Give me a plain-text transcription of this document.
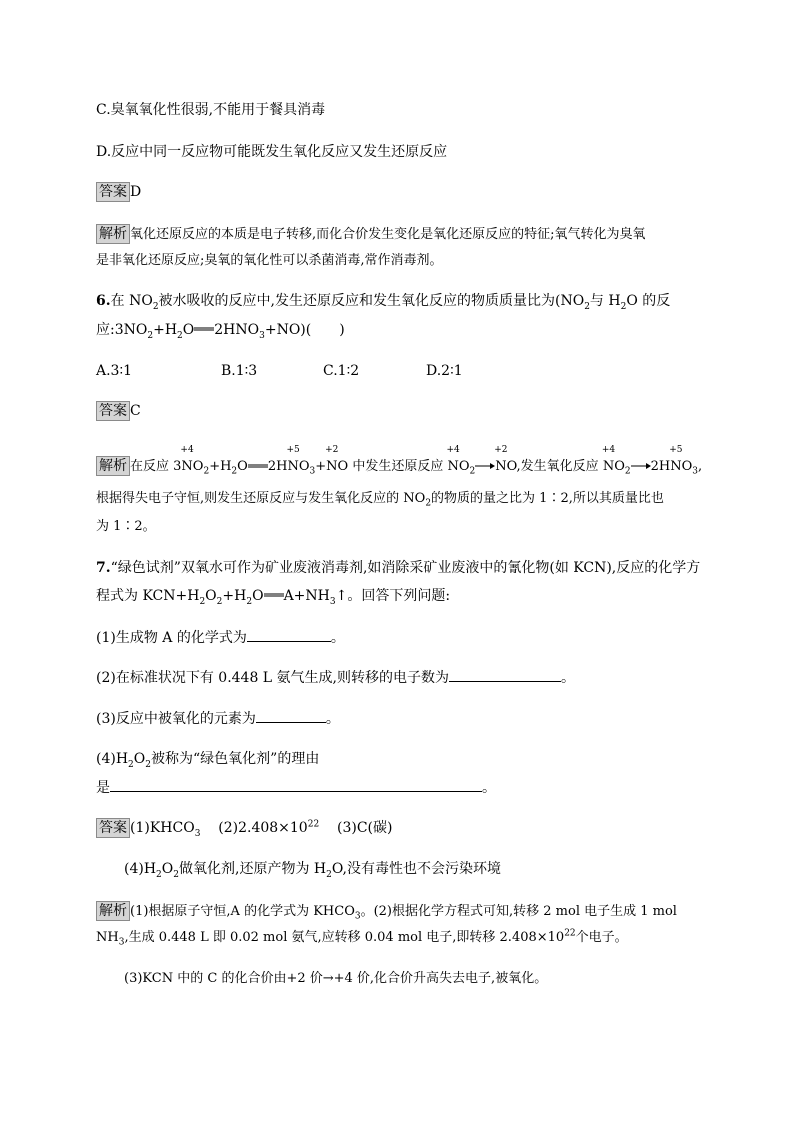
C.臭氧氧化性很弱,不能用于餐具消毒
D.反应中同一反应物可能既发生氧化反应又发生还原反应
答案 D
解析 氧化还原反应的本质是电子转移,而化合价发生变化是氧化还原反应的特征;氧气转化为臭氧
是非氧化还原反应;臭氧的氧化性可以杀菌消毒,常作消毒剂。
6.在 $NO_2$被水吸收的反应中,发生还原反应和发生氧化反应的物质质量比为($NO_2$与 $H_2O$ 的反
应$:3NO_2+H_2O$ $2HNO_3+NO$)(　　)
A.3∶1	B.1∶3	C.1∶2	D.2∶1
答案 C
解析 在反应 3
+4
$NO_2+H_2O$ 2H
+5
$NO_3+$
+2
NO 中发生还原反应
+4
$NO_2$
+2
NO,发生氧化反应
+4
$NO_2 \to 2H$
+5
$NO_3$,
根据得失电子守恒,则发生还原反应与发生氧化反应的 $NO_2$的物质的量之比为 1∶2,所以其质量比也
为 1∶2。
7.“绿色试剂”双氧水可作为矿业废液消毒剂,如消除采矿业废液中的氰化物(如 KCN),反应的化学方
程式为 $KCN+H_2O_2+H_2O$ $A+NH_3↑$。回答下列问题:
(1)生成物 A 的化学式为	。
(2)在标准状况下有 0.448 L 氨气生成,则转移的电子数为	。
(3)反应中被氧化的元素为	。
$(4)H_2O_2$被称为“绿色氧化剂”的理由
是	。
答案 $(1)KHCO_3$ $(2)2.408\times 10^{22}$ (3)C(碳)
$(4)H_2O_2$做氧化剂,还原产物为 $H_2O$,没有毒性也不会污染环境
解析 (1)根据原子守恒,A 的化学式为 $KHCO_3$。(2)根据化学方程式可知,转移 2 mol 电子生成 1 mol
$NH_3$,生成 0.448 L 即 0.02 mol 氨气,应转移 0.04 mol 电子,即转移 $2.408\times 10^{22}$个电子。
(3)KCN 中的 C 的化合价由+2 价→+4 价,化合价升高失去电子,被氧化。
